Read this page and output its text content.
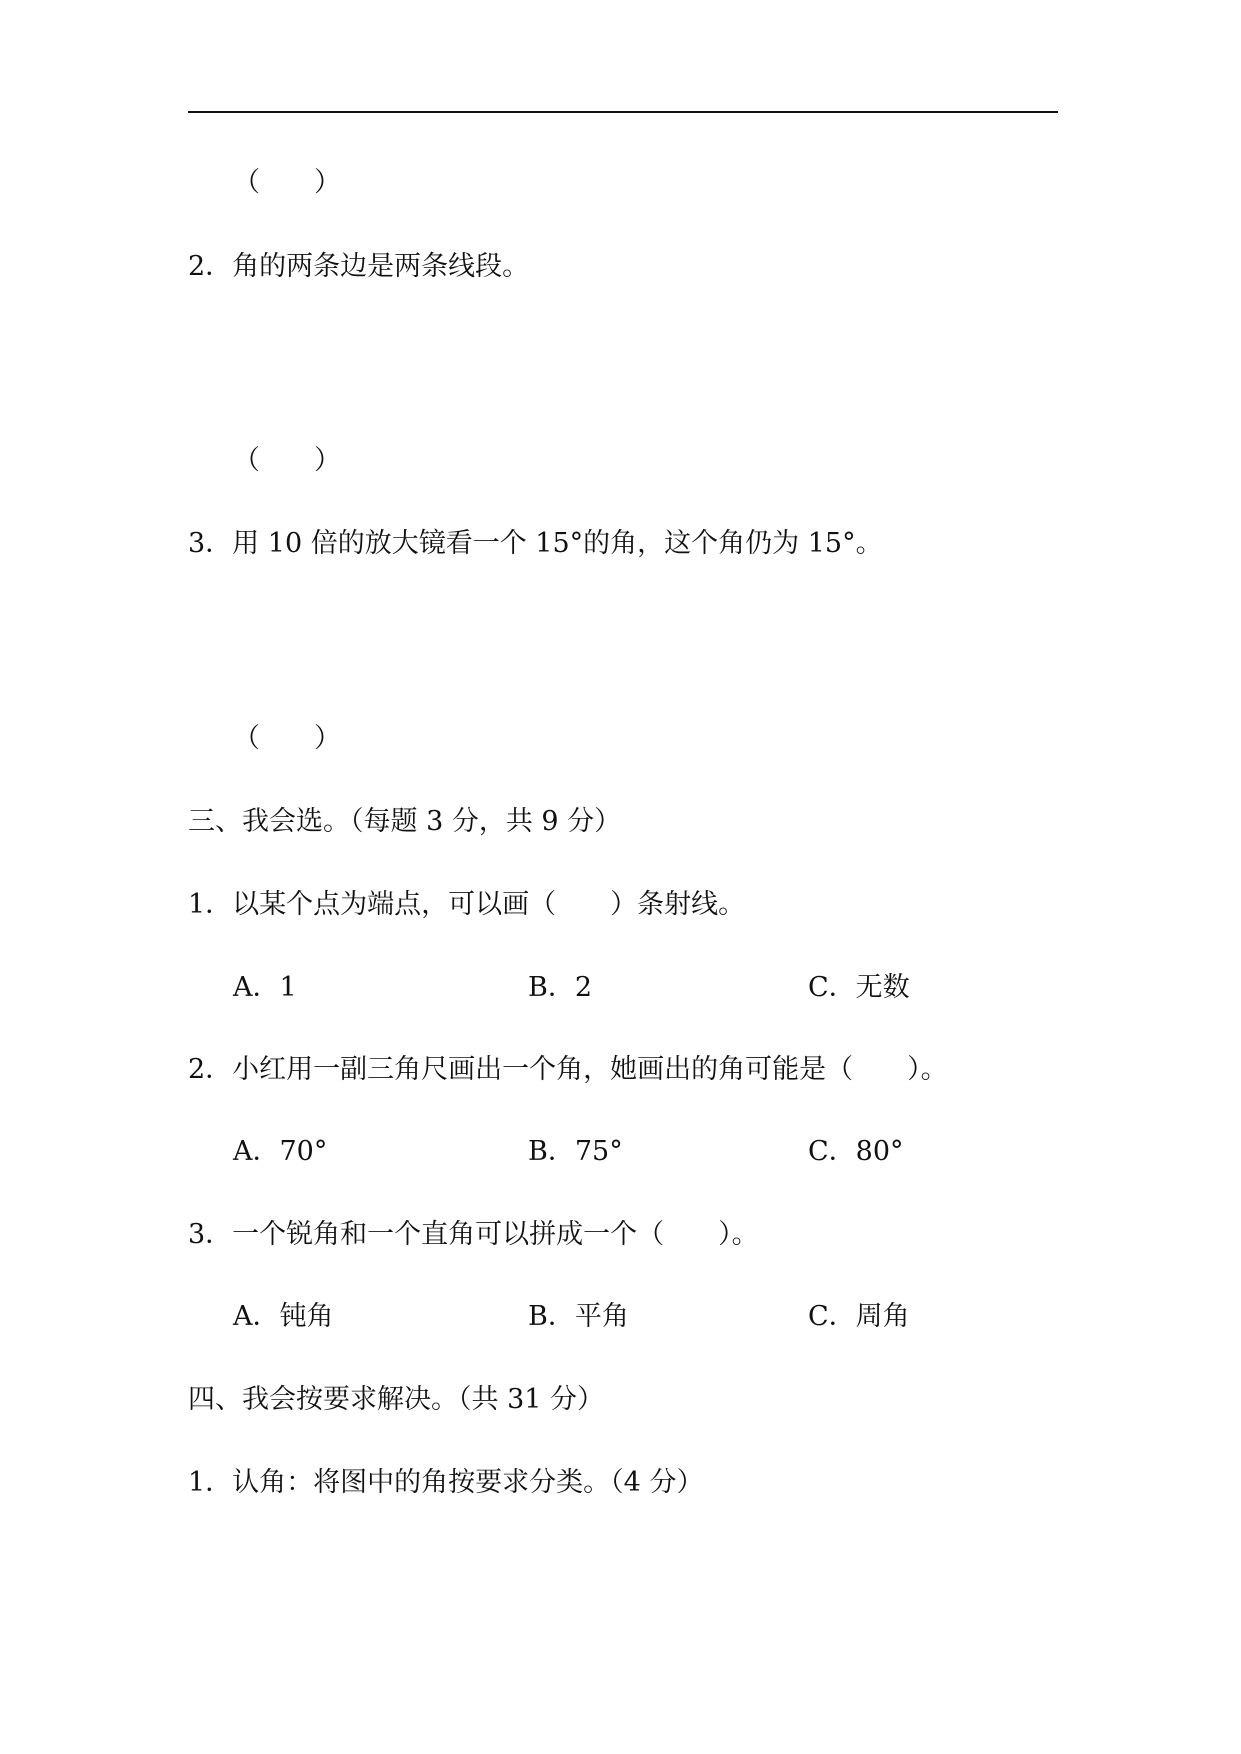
（　　）
2．角的两条边是两条线段。
（　　）
3．用 10 倍的放大镜看一个 15°的角，这个角仍为 15°。
（　　）
三、我会选。（每题 3 分，共 9 分）
1．以某个点为端点，可以画（　　）条射线。
A．1	B．2	C．无数
2．小红用一副三角尺画出一个角，她画出的角可能是（　　）。
A．70°	B．75°	C．80°
3．一个锐角和一个直角可以拼成一个（　　）。
A．钝角	B．平角	C．周角
四、我会按要求解决。（共 31 分）
1．认角：将图中的角按要求分类。（4 分）
